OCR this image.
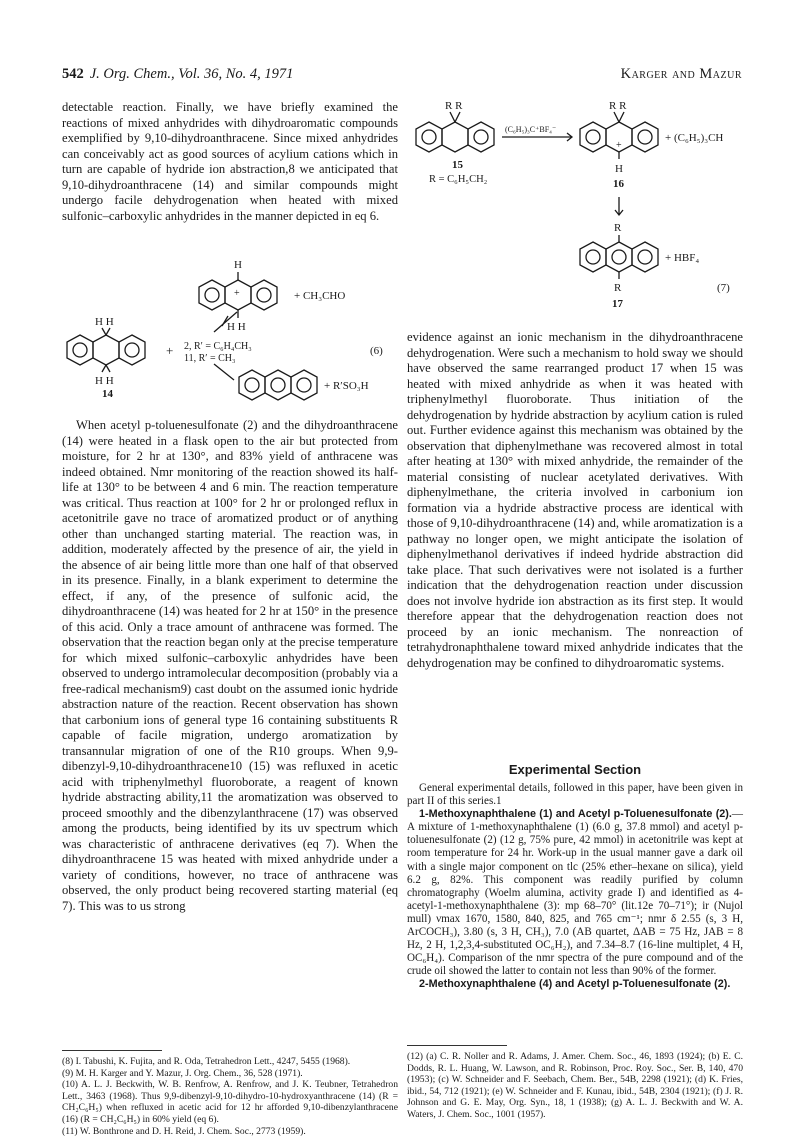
542 J. Org. Chem., Vol. 36, No. 4, 1971	Karger and Mazur

detectable reaction. Finally, we have briefly examined the reactions of mixed anhydrides with dihydroaromatic compounds exemplified by 9,10-dihydroanthracene. Since mixed anhydrides can conceivably act as good sources of acylium cations which in turn are capable of hydride ion abstraction,8 we anticipated that 9,10-dihydroanthracene (14) and similar compounds might undergo facile dehydrogenation when heated with mixed sulfonic–carboxylic anhydrides in the manner depicted in eq 6.

H
+
H H
+ CH₃CHO
H H
H H
14
+ 2, R′ = C₆H₄CH₃
11, R′ = CH₃
(6)
+ R′SO₃H

When acetyl p-toluenesulfonate (2) and the dihydroanthracene (14) were heated in a flask open to the air but protected from moisture, for 2 hr at 130°, and 83% yield of anthracene was indeed obtained. Nmr monitoring of the reaction showed its half-life at 130° to be between 4 and 6 min. The reaction temperature was critical. Thus reaction at 100° for 2 hr or prolonged reflux in acetonitrile gave no trace of aromatized product or of anything other than unchanged starting material. The reaction was, in addition, moderately affected by the presence of air, the yield in the absence of air being little more than one half of that observed in its presence. Finally, in a blank experiment to determine the effect, if any, of the presence of sulfonic acid, the dihydroanthracene (14) was heated for 2 hr at 150° in the presence of this acid. Only a trace amount of anthracene was formed. The observation that the reaction began only at the precise temperature for which mixed sulfonic–carboxylic anhydrides have been observed to undergo intramolecular decomposition (probably via a free-radical mechanism9) cast doubt on the assumed ionic hydride abstraction nature of the reaction. Recent observation has shown that carbonium ions of general type 16 containing substituents R capable of facile migration, undergo aromatization by transannular migration of one of the R10 groups. When 9,9-dibenzyl-9,10-dihydroanthracene10 (15) was refluxed in acetic acid with triphenylmethyl fluoroborate, a reagent of known hydride abstracting ability,11 the aromatization was observed to proceed smoothly and the dibenzylanthracene (17) was observed among the products, being identified by its uv spectrum which was characteristic of anthracene derivatives (eq 7). When the dihydroanthracene 15 was heated with mixed anhydride under a variety of conditions, however, no trace of anthracene was observed, the only product being recovered starting material (eq 7). This was to us strong

R R
15
R = C₆H₅CH₂
(C₆H₅)₃C⁺BF₄⁻
R R
+
H
16
+ (C₆H₅)₃CH
R
+ HBF₄
R	(7)
17

evidence against an ionic mechanism in the dihydroanthracene dehydrogenation. Were such a mechanism to hold sway we should have observed the same rearranged product 17 when 15 was heated with mixed anhydride as when it was heated with triphenylmethyl fluoroborate. Thus initiation of the dehydrogenation by hydride abstraction by acylium cation is ruled out. Further evidence against this mechanism was obtained by the observation that diphenylmethane was recovered almost in total after heating at 130° with mixed anhydride, the remainder of the material consisting of nuclear acetylated derivatives. With diphenylmethane, the criteria involved in carbonium ion formation via a hydride abstractive process are identical with those of 9,10-dihydroanthracene (14) and, while aromatization is a pathway no longer open, we might anticipate the isolation of diphenylmethanol derivatives if indeed hydride abstraction did take place. That such derivatives were not isolated is a further indication that the dehydrogenation reaction under discussion does not involve hydride ion abstraction as its first step. It would therefore appear that the dehydrogenation reaction does not proceed by an ionic mechanism. The nonreaction of tetrahydronaphthalene toward mixed anhydride indicates that the dehydrogenation may be confined to dihydroaromatic systems.

Experimental Section

General experimental details, followed in this paper, have been given in part II of this series.1

1-Methoxynaphthalene (1) and Acetyl p-Toluenesulfonate (2).—A mixture of 1-methoxynaphthalene (1) (6.0 g, 37.8 mmol) and acetyl p-toluenesulfonate (2) (12 g, 75% pure, 42 mmol) in acetonitrile was kept at room temperature for 24 hr. Work-up in the usual manner gave a dark oil with a single major component on tlc (25% ether–hexane on silica), yield 6.2 g, 82%. This component was readily purified by column chromatography (Woelm alumina, activity grade I) and identified as 4-acetyl-1-methoxynaphthalene (3): mp 68–70° (lit.12e 70–71°); ir (Nujol mull) νmax 1670, 1580, 840, 825, and 765 cm⁻¹; nmr δ 2.55 (s, 3 H, ArCOCH₃), 3.80 (s, 3 H, CH₃), 7.0 (AB quartet, ΔAB = 75 Hz, JAB = 8 Hz, 2 H, 1,2,3,4-substituted OC₆H₂), and 7.34–8.7 (16-line multiplet, 4 H, OC₆H₄). Comparison of the nmr spectra of the pure compound and of the crude oil showed the latter to contain not less than 90% of the former.

2-Methoxynaphthalene (4) and Acetyl p-Toluenesulfonate (2).

(8) I. Tabushi, K. Fujita, and R. Oda, Tetrahedron Lett., 4247, 5455 (1968).

(9) M. H. Karger and Y. Mazur, J. Org. Chem., 36, 528 (1971).

(10) A. L. J. Beckwith, W. B. Renfrow, A. Renfrow, and J. K. Teubner, Tetrahedron Lett., 3463 (1968). Thus 9,9-dibenzyl-9,10-dihydro-10-hydroxyanthracene (14) (R = CH₂C₆H₅) when refluxed in acetic acid for 12 hr afforded 9,10-dibenzylanthracene (16) (R = CH₂C₆H₅) in 60% yield (eq 6).

(11) W. Bonthrone and D. H. Reid, J. Chem. Soc., 2773 (1959).

(12) (a) C. R. Noller and R. Adams, J. Amer. Chem. Soc., 46, 1893 (1924); (b) E. C. Dodds, R. L. Huang, W. Lawson, and R. Robinson, Proc. Roy. Soc., Ser. B, 140, 470 (1953); (c) W. Schneider and F. Seebach, Chem. Ber., 54B, 2298 (1921); (d) K. Fries, ibid., 54, 712 (1921); (e) W. Schneider and F. Kunau, ibid., 54B, 2304 (1921); (f) J. R. Johnson and G. E. May, Org. Syn., 18, 1 (1938); (g) A. L. J. Beckwith and W. A. Waters, J. Chem. Soc., 1001 (1957).
